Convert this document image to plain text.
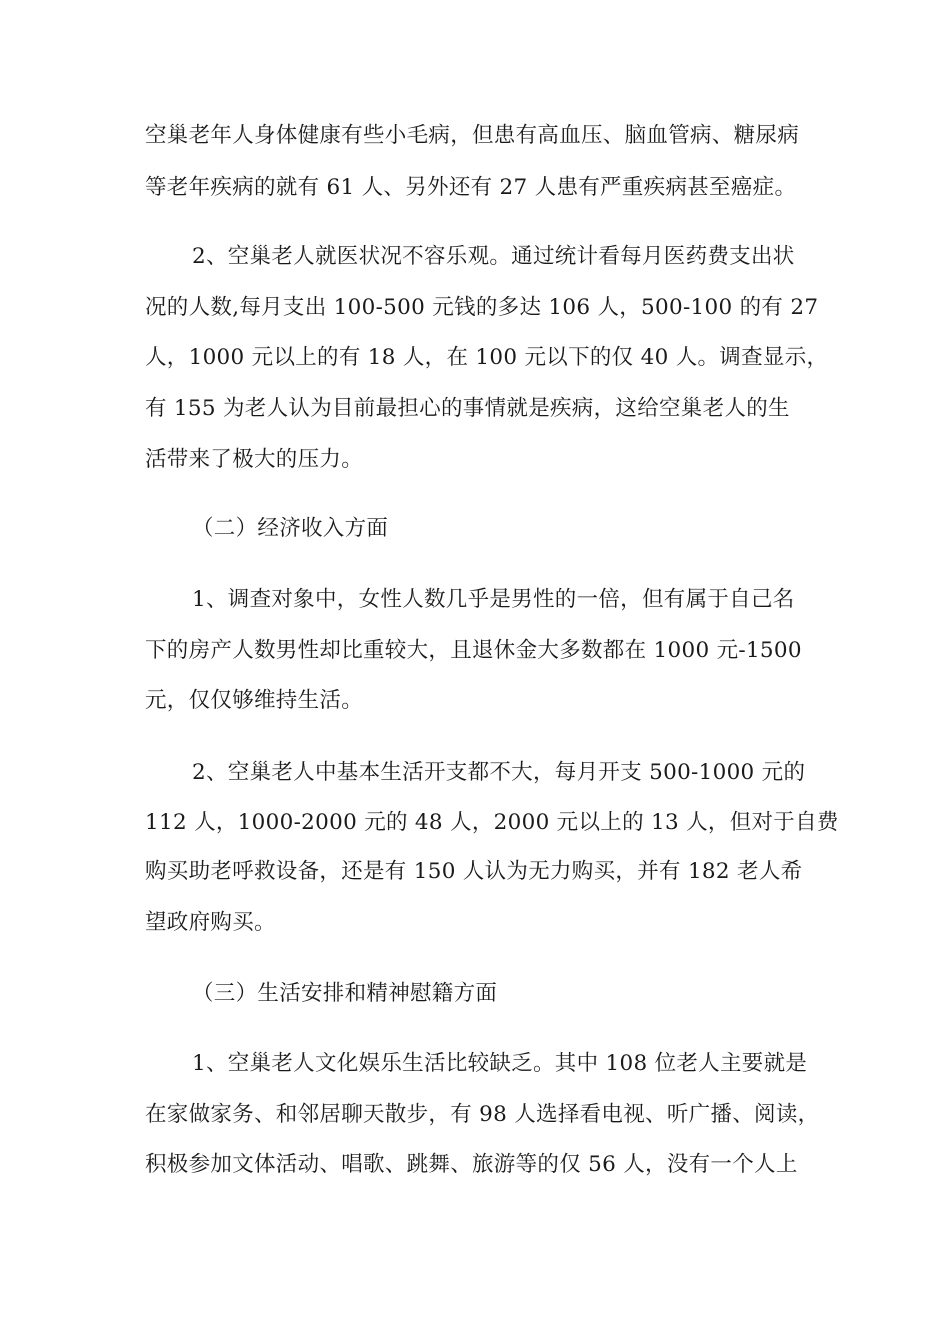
空巢老年人身体健康有些小毛病，但患有高血压、脑血管病、糖尿病
等老年疾病的就有 61 人、另外还有 27 人患有严重疾病甚至癌症。
2、空巢老人就医状况不容乐观。通过统计看每月医药费支出状
况的人数,每月支出 100-500 元钱的多达 106 人，500-100 的有 27
人，1000 元以上的有 18 人，在 100 元以下的仅 40 人。调查显示，
有 155 为老人认为目前最担心的事情就是疾病，这给空巢老人的生
活带来了极大的压力。
（二）经济收入方面
1、调查对象中，女性人数几乎是男性的一倍，但有属于自己名
下的房产人数男性却比重较大，且退休金大多数都在 1000 元-1500
元，仅仅够维持生活。
2、空巢老人中基本生活开支都不大，每月开支 500-1000 元的
112 人，1000-2000 元的 48 人，2000 元以上的 13 人，但对于自费
购买助老呼救设备，还是有 150 人认为无力购买，并有 182 老人希
望政府购买。
（三）生活安排和精神慰籍方面
1、空巢老人文化娱乐生活比较缺乏。其中 108 位老人主要就是
在家做家务、和邻居聊天散步，有 98 人选择看电视、听广播、阅读，
积极参加文体活动、唱歌、跳舞、旅游等的仅 56 人，没有一个人上
